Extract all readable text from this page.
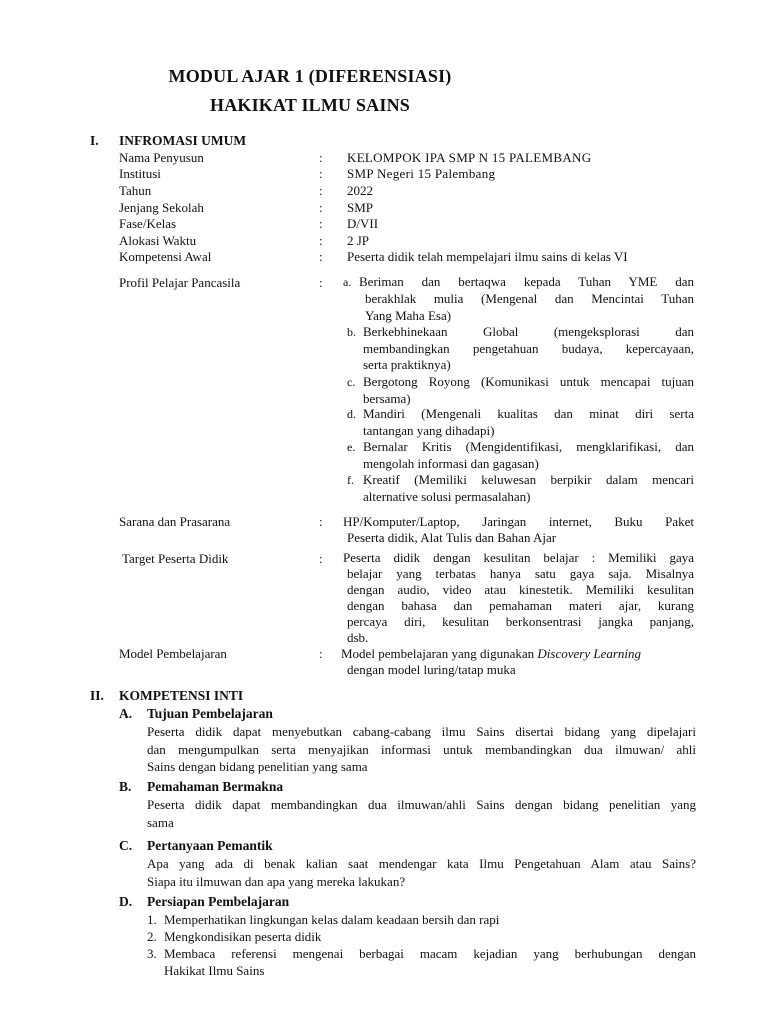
MODUL AJAR 1 (DIFERENSIASI)
HAKIKAT ILMU SAINS
I. INFROMASI UMUM
Nama Penyusun	: KELOMPOK IPA SMP N 15 PALEMBANG
Institusi	: SMP Negeri 15 Palembang
Tahun	: 2022
Jenjang Sekolah	: SMP
Fase/Kelas	: D/VII
Alokasi Waktu	: 2 JP
Kompetensi Awal	: Peserta didik telah mempelajari ilmu sains di kelas VI
Profil Pelajar Pancasila	: a. Beriman dan bertaqwa kepada Tuhan YME dan
berakhlak mulia (Mengenal dan Mencintai Tuhan
Yang Maha Esa)
b. Berkebhinekaan Global (mengeksplorasi dan
membandingkan pengetahuan budaya, kepercayaan,
serta praktiknya)
c. Bergotong Royong (Komunikasi untuk mencapai tujuan
bersama)
d. Mandiri (Mengenali kualitas dan minat diri serta
tantangan yang dihadapi)
e. Bernalar Kritis (Mengidentifikasi, mengklarifikasi, dan
mengolah informasi dan gagasan)
f. Kreatif (Memiliki keluwesan berpikir dalam mencari
alternative solusi permasalahan)
Sarana dan Prasarana	: HP/Komputer/Laptop, Jaringan internet, Buku Paket
Peserta didik, Alat Tulis dan Bahan Ajar
Target Peserta Didik	: Peserta didik dengan kesulitan belajar : Memiliki gaya
belajar yang terbatas hanya satu gaya saja. Misalnya
dengan audio, video atau kinestetik. Memiliki kesulitan
dengan bahasa dan pemahaman materi ajar, kurang
percaya diri, kesulitan berkonsentrasi jangka panjang,
dsb.
Model Pembelajaran	: Model pembelajaran yang digunakan Discovery Learning
dengan model luring/tatap muka
II. KOMPETENSI INTI
A. Tujuan Pembelajaran
Peserta didik dapat menyebutkan cabang-cabang ilmu Sains disertai bidang yang dipelajari
dan mengumpulkan serta menyajikan informasi untuk membandingkan dua ilmuwan/ ahli
Sains dengan bidang penelitian yang sama
B. Pemahaman Bermakna
Peserta didik dapat membandingkan dua ilmuwan/ahli Sains dengan bidang penelitian yang
sama
C. Pertanyaan Pemantik
Apa yang ada di benak kalian saat mendengar kata Ilmu Pengetahuan Alam atau Sains?
Siapa itu ilmuwan dan apa yang mereka lakukan?
D. Persiapan Pembelajaran
1. Memperhatikan lingkungan kelas dalam keadaan bersih dan rapi
2. Mengkondisikan peserta didik
3. Membaca referensi mengenai berbagai macam kejadian yang berhubungan dengan
Hakikat Ilmu Sains
